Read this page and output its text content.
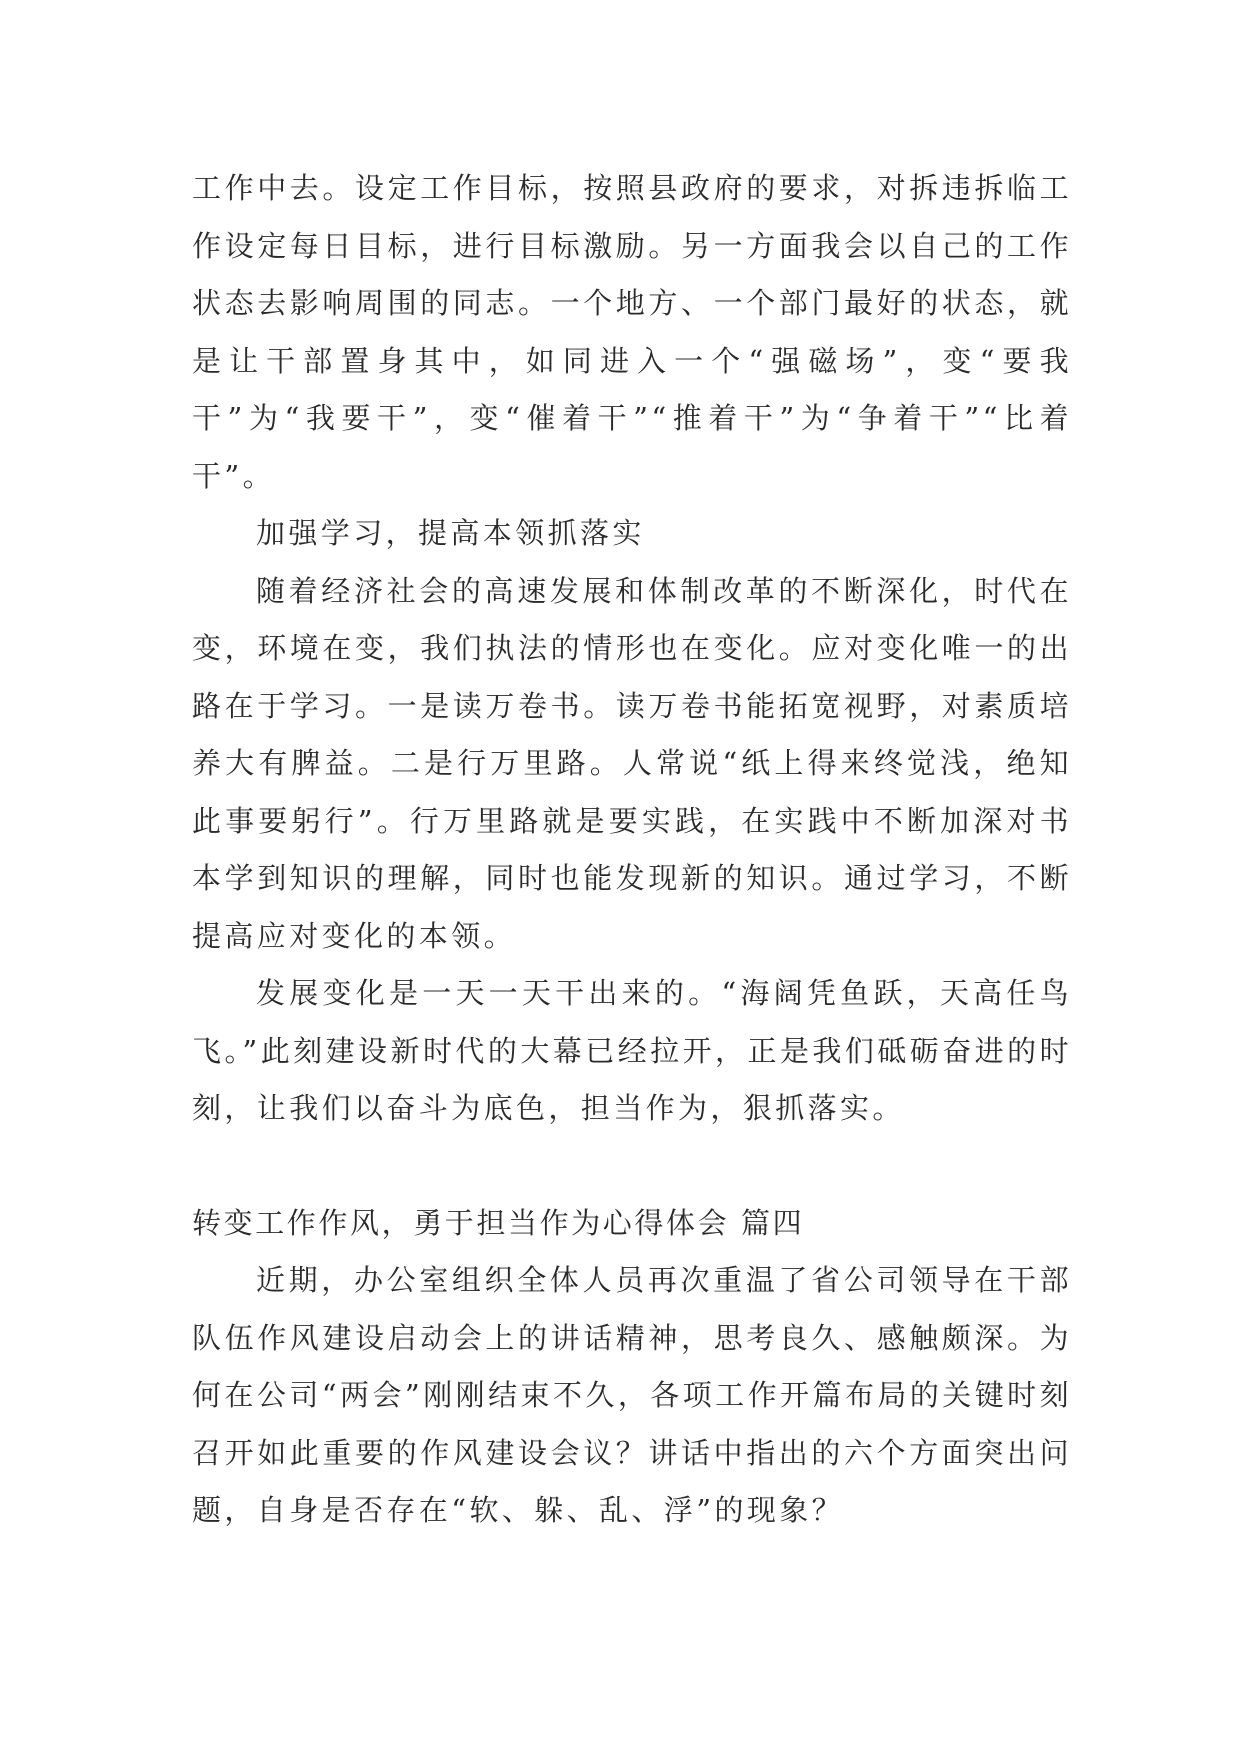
工作中去。设定工作目标，按照县政府的要求，对拆违拆临工作设定每日目标，进行目标激励。另一方面我会以自己的工作状态去影响周围的同志。一个地方、一个部门最好的状态，就是让干部置身其中，如同进入一个“强磁场”，变“要我干”为“我要干”，变“催着干”“推着干”为“争着干”“比着干”。

加强学习，提高本领抓落实

随着经济社会的高速发展和体制改革的不断深化，时代在变，环境在变，我们执法的情形也在变化。应对变化唯一的出路在于学习。一是读万卷书。读万卷书能拓宽视野，对素质培养大有脾益。二是行万里路。人常说“纸上得来终觉浅，绝知此事要躬行”。行万里路就是要实践，在实践中不断加深对书本学到知识的理解，同时也能发现新的知识。通过学习，不断提高应对变化的本领。

发展变化是一天一天干出来的。“海阔凭鱼跃，天高任鸟飞。”此刻建设新时代的大幕已经拉开，正是我们砥砺奋进的时刻，让我们以奋斗为底色，担当作为，狠抓落实。

转变工作作风，勇于担当作为心得体会 篇四

近期，办公室组织全体人员再次重温了省公司领导在干部队伍作风建设启动会上的讲话精神，思考良久、感触颇深。为何在公司“两会”刚刚结束不久，各项工作开篇布局的关键时刻召开如此重要的作风建设会议？讲话中指出的六个方面突出问题，自身是否存在“软、躲、乱、浮”的现象？
